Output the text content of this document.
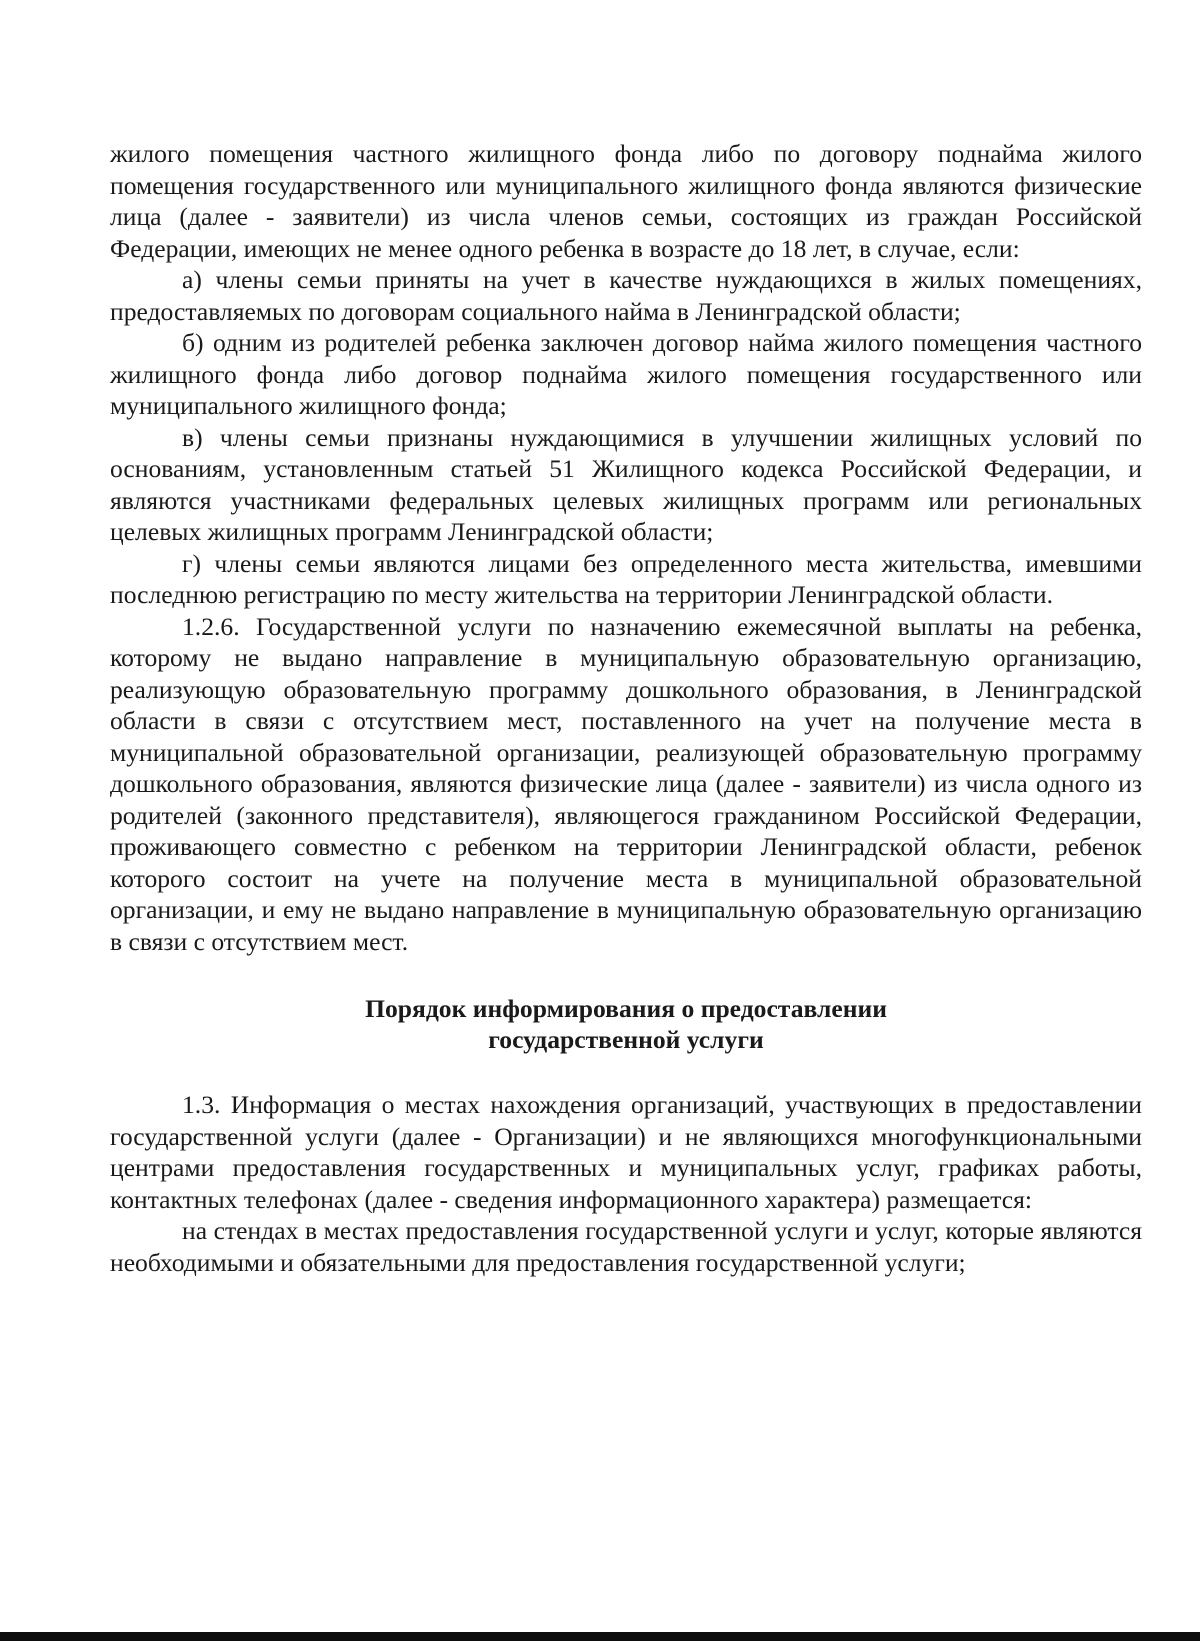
жилого помещения частного жилищного фонда либо по договору поднайма жилого помещения государственного или муниципального жилищного фонда являются физические лица (далее - заявители) из числа членов семьи, состоящих из граждан Российской Федерации, имеющих не менее одного ребенка в возрасте до 18 лет, в случае, если:

а) члены семьи приняты на учет в качестве нуждающихся в жилых помещениях, предоставляемых по договорам социального найма в Ленинградской области;

б) одним из родителей ребенка заключен договор найма жилого помещения частного жилищного фонда либо договор поднайма жилого помещения государственного или муниципального жилищного фонда;

в) члены семьи признаны нуждающимися в улучшении жилищных условий по основаниям, установленным статьей 51 Жилищного кодекса Российской Федерации, и являются участниками федеральных целевых жилищных программ или региональных целевых жилищных программ Ленинградской области;

г) члены семьи являются лицами без определенного места жительства, имевшими последнюю регистрацию по месту жительства на территории Ленинградской области.

1.2.6. Государственной услуги по назначению ежемесячной выплаты на ребенка, которому не выдано направление в муниципальную образовательную организацию, реализующую образовательную программу дошкольного образования, в Ленинградской области в связи с отсутствием мест, поставленного на учет на получение места в муниципальной образовательной организации, реализующей образовательную программу дошкольного образования, являются физические лица (далее - заявители) из числа одного из родителей (законного представителя), являющегося гражданином Российской Федерации, проживающего совместно с ребенком на территории Ленинградской области, ребенок которого состоит на учете на получение места в муниципальной образовательной организации, и ему не выдано направление в муниципальную образовательную организацию в связи с отсутствием мест.

Порядок информирования о предоставлении
государственной услуги

1.3. Информация о местах нахождения организаций, участвующих в предоставлении государственной услуги (далее - Организации) и не являющихся многофункциональными центрами предоставления государственных и муниципальных услуг, графиках работы, контактных телефонах (далее - сведения информационного характера) размещается:

на стендах в местах предоставления государственной услуги и услуг, которые являются необходимыми и обязательными для предоставления государственной услуги;
